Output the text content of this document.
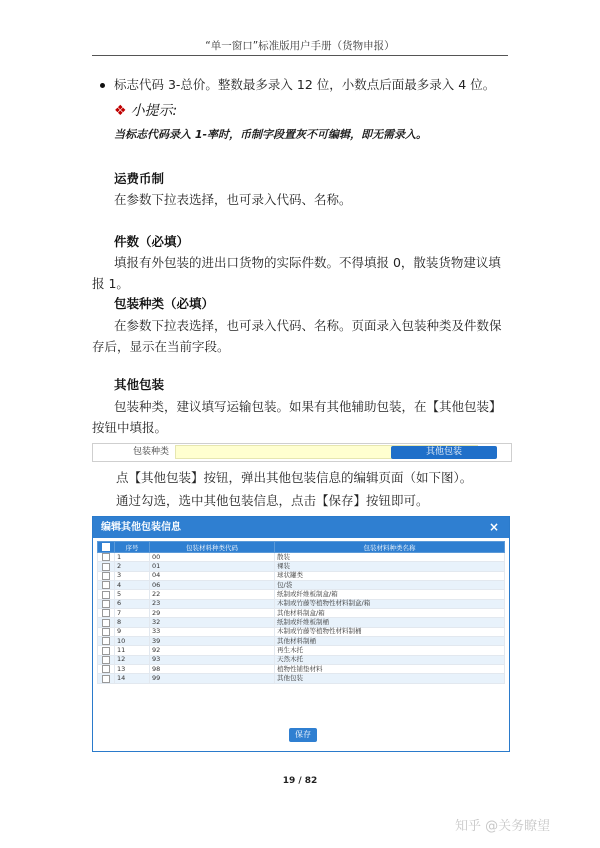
“单一窗口”标准版用户手册（货物申报）
标志代码 3-总价。整数最多录入 12 位，小数点后面最多录入 4 位。
❖ 小提示:
当标志代码录入 1-率时，币制字段置灰不可编辑，即无需录入。
运费币制
在参数下拉表选择，也可录入代码、名称。
件数（必填）
填报有外包装的进出口货物的实际件数。不得填报 0，散装货物建议填报 1。
包装种类（必填）
在参数下拉表选择，也可录入代码、名称。页面录入包装种类及件数保存后，显示在当前字段。
其他包装
包装种类，建议填写运输包装。如果有其他辅助包装，在【其他包装】按钮中填报。
包装种类	其他包装
点【其他包装】按钮，弹出其他包装信息的编辑页面（如下图）。
通过勾选，选中其他包装信息，点击【保存】按钮即可。
编辑其他包装信息	×
	序号	包装材料种类代码	包装材料种类名称
	1	00	散装
	2	01	裸装
	3	04	球状罐类
	4	06	包/袋
	5	22	纸制或纤维板制盒/箱
	6	23	木制或竹藤等植物性材料制盒/箱
	7	29	其他材料制盒/箱
	8	32	纸制或纤维板制桶
	9	33	木制或竹藤等植物性材料制桶
	10	39	其他材料制桶
	11	92	再生木托
	12	93	天然木托
	13	98	植物性铺垫材料
	14	99	其他包装
保存
19 / 82
知乎 @关务瞭望
